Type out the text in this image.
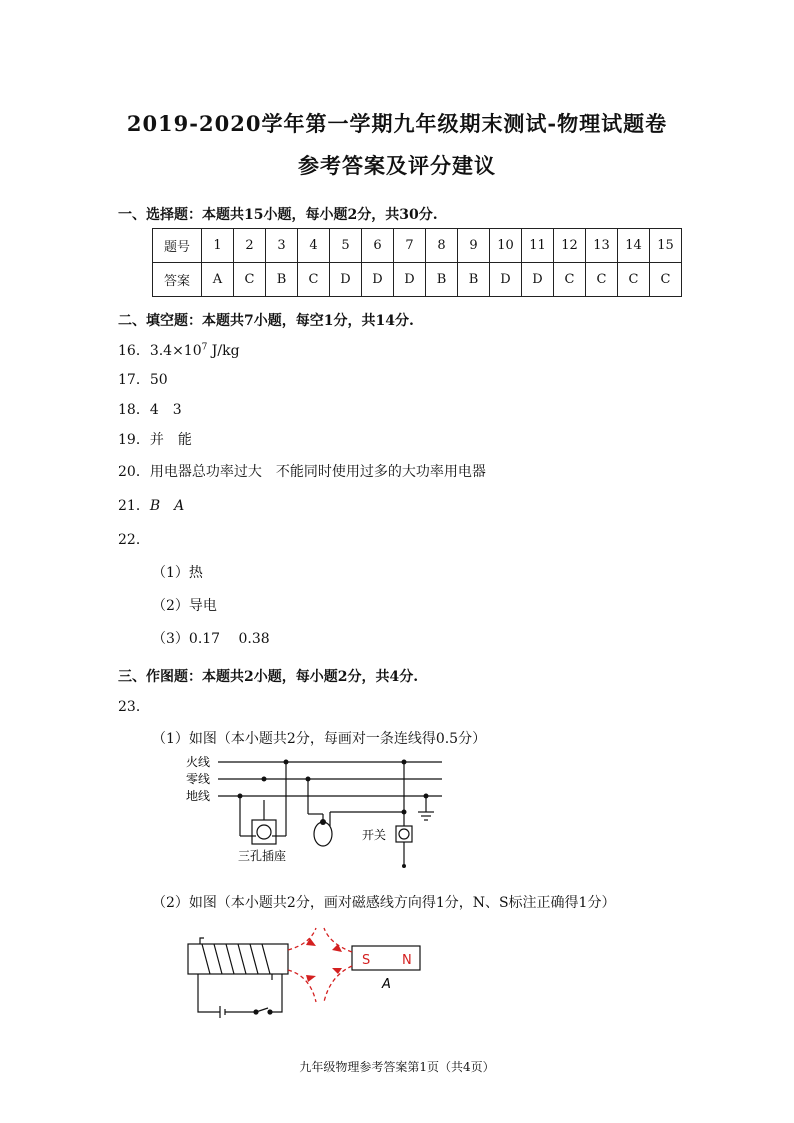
2019-2020学年第一学期九年级期末测试-物理试题卷
参考答案及评分建议
一、选择题：本题共15小题，每小题2分，共30分.
题号	1	2	3	4	5	6	7	8	9	10	11	12	13	14	15
答案	A	C	B	C	D	D	D	B	B	D	D	C	C	C	C
二、填空题：本题共7小题，每空1分，共14分.
16．$3.4\times 10^7$ J/kg
17．50
18．4　3
19．并　能
20．用电器总功率过大　不能同时使用过多的大功率用电器
21．B　 A
22．
（1）热
（2）导电
（3）0.17　 0.38
三、作图题：本题共2小题，每小题2分，共4分.
23．
（1）如图（本小题共2分，每画对一条连线得0.5分）
火线
零线
地线
三孔插座
开关
（2）如图（本小题共2分，画对磁感线方向得1分，N、S标注正确得1分）
S N
A
九年级物理参考答案第1页（共4页）
